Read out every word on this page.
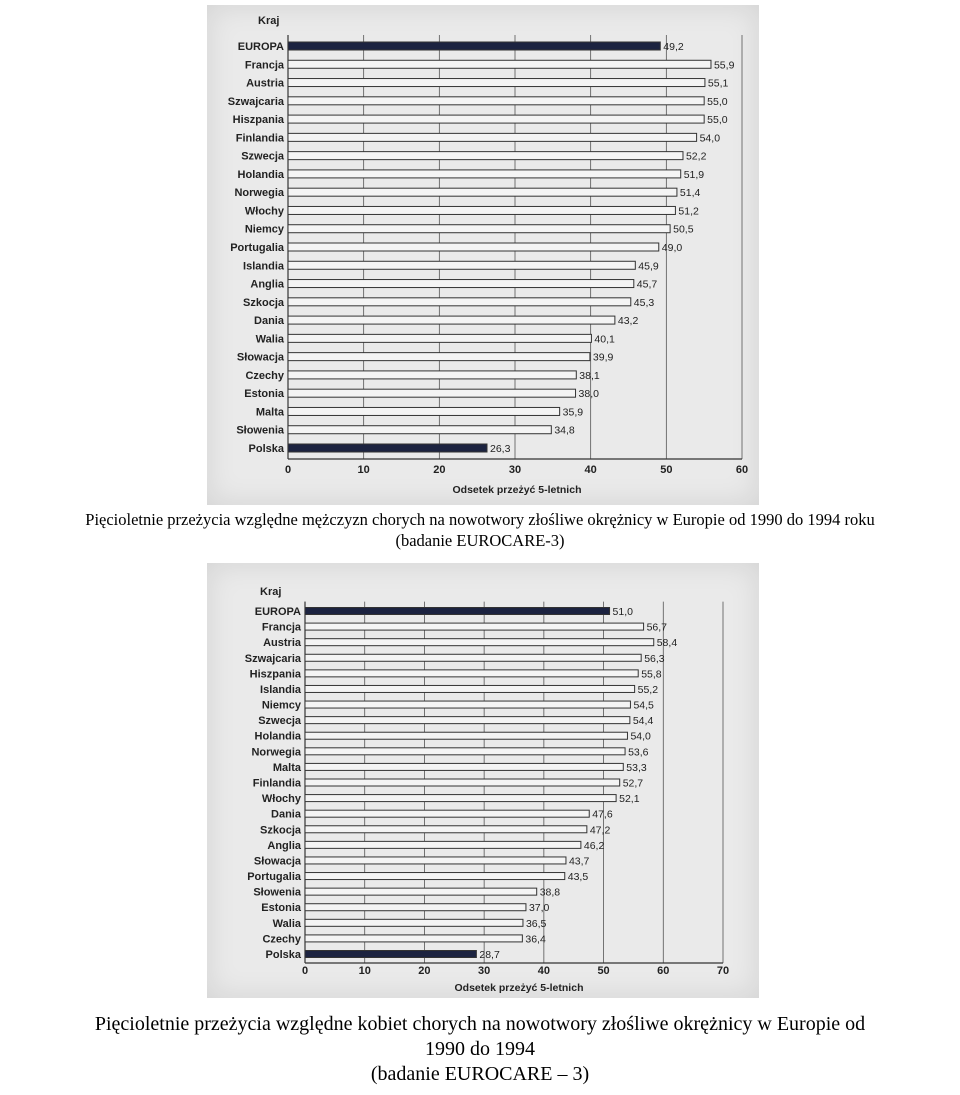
Kraj
0	10	20	30	40	50	60
EUROPA	49,2
Francja	55,9
Austria	55,1
Szwajcaria	55,0
Hiszpania	55,0
Finlandia	54,0
Szwecja	52,2
Holandia	51,9
Norwegia	51,4
Włochy	51,2
Niemcy	50,5
Portugalia	49,0
Islandia	45,9
Anglia	45,7
Szkocja	45,3
Dania	43,2
Walia	40,1
Słowacja	39,9
Czechy	38,1
Estonia	38,0
Malta	35,9
Słowenia	34,8
Polska	26,3
Odsetek przeżyć 5-letnich
Pięcioletnie przeżycia względne mężczyzn chorych na nowotwory złośliwe okrężnicy w Europie od 1990 do 1994 roku
(badanie EUROCARE-3)
Kraj
0	10	20	30	40	50	60	70
EUROPA	51,0
Francja	56,7
Austria	58,4
Szwajcaria	56,3
Hiszpania	55,8
Islandia	55,2
Niemcy	54,5
Szwecja	54,4
Holandia	54,0
Norwegia	53,6
Malta	53,3
Finlandia	52,7
Włochy	52,1
Dania	47,6
Szkocja	47,2
Anglia	46,2
Słowacja	43,7
Portugalia	43,5
Słowenia	38,8
Estonia	37,0
Walia	36,5
Czechy	36,4
Polska	28,7
Odsetek przeżyć 5-letnich
Pięcioletnie przeżycia względne kobiet chorych na nowotwory złośliwe okrężnicy w Europie od
1990 do 1994
(badanie EUROCARE – 3)
